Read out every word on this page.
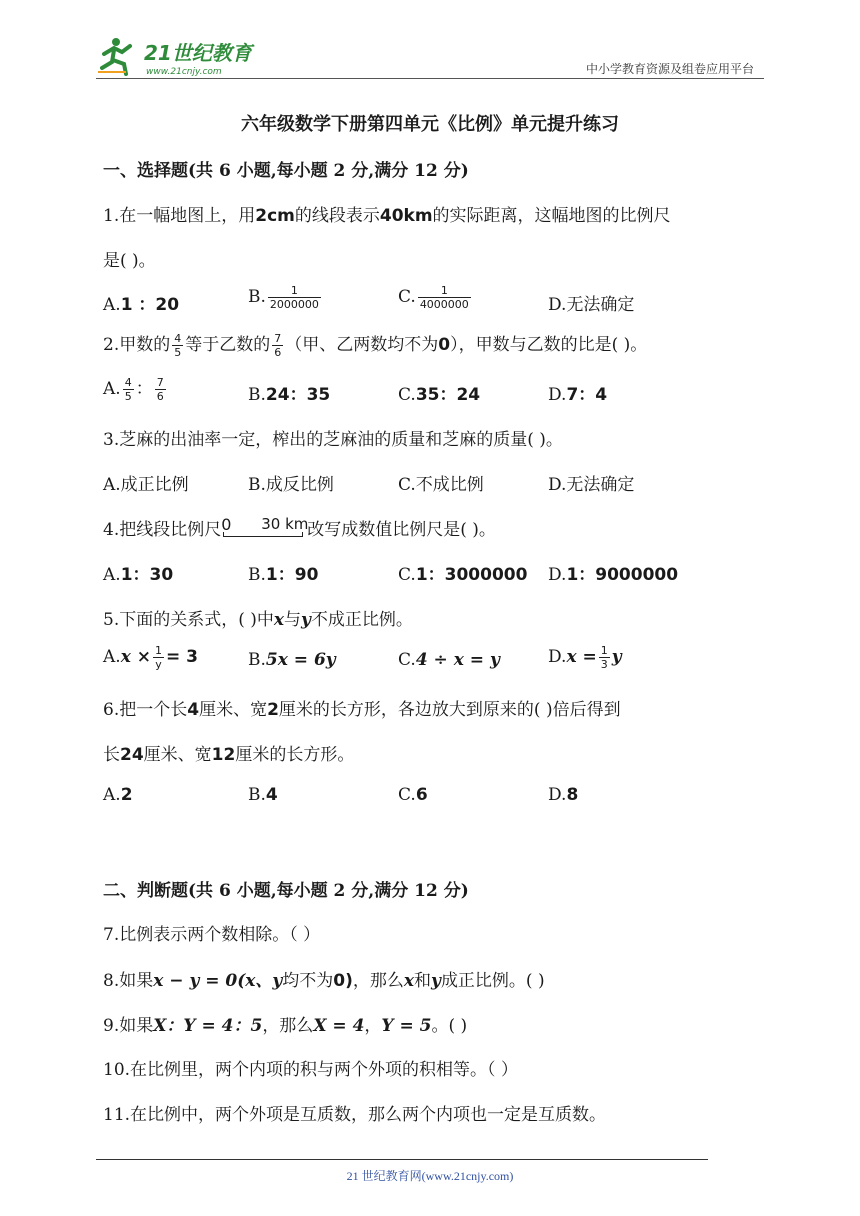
21世纪教育
www.21cnjy.com	中小学教育资源及组卷应用平台
六年级数学下册第四单元《比例》单元提升练习
一、选择题(共 6 小题,每小题 2 分,满分 12 分)
1.在一幅地图上，用2cm的线段表示40km的实际距离，这幅地图的比例尺
是( )。
A.1 ：20	B. $\frac{1}{2000000}$	C. $\frac{1}{4000000}$	D.无法确定
2.甲数的 $\frac{4}{5}$ 等于乙数的 $\frac{7}{6}$ （甲、乙两数均不为0），甲数与乙数的比是( )。
A. $\frac{4}{5}$ ： $\frac{7}{6}$	B.24：35	C.35：24	D.7：4
3.芝麻的出油率一定，榨出的芝麻油的质量和芝麻的质量( )。
A.成正比例	B.成反比例	C.不成比例	D.无法确定
4.把线段比例尺 0 30 km
改写成数值比例尺是( )。
A.1：30	B.1：90	C.1：3000000 D.1：9000000
5.下面的关系式，( )中x与y不成正比例。
$A.x \times \frac{1}{y} = 3$	B.5x = 6y	C.4 ÷ x = y	$D.x = \frac{1}{3}$ y
6.把一个长4厘米、宽2厘米的长方形，各边放大到原来的( )倍后得到
长24厘米、宽12厘米的长方形。
A.2	B.4	C.6	D.8
二、判断题(共 6 小题,每小题 2 分,满分 12 分)
7.比例表示两个数相除。（ ）
8.如果x − y = 0(x、y均不为0)，那么x和y成正比例。( )
9.如果X：Y = 4：5，那么X = 4，Y = 5。( )
10.在比例里，两个内项的积与两个外项的积相等。（ ）
11.在比例中，两个外项是互质数，那么两个内项也一定是互质数。
21 世纪教育网(www.21cnjy.com)
